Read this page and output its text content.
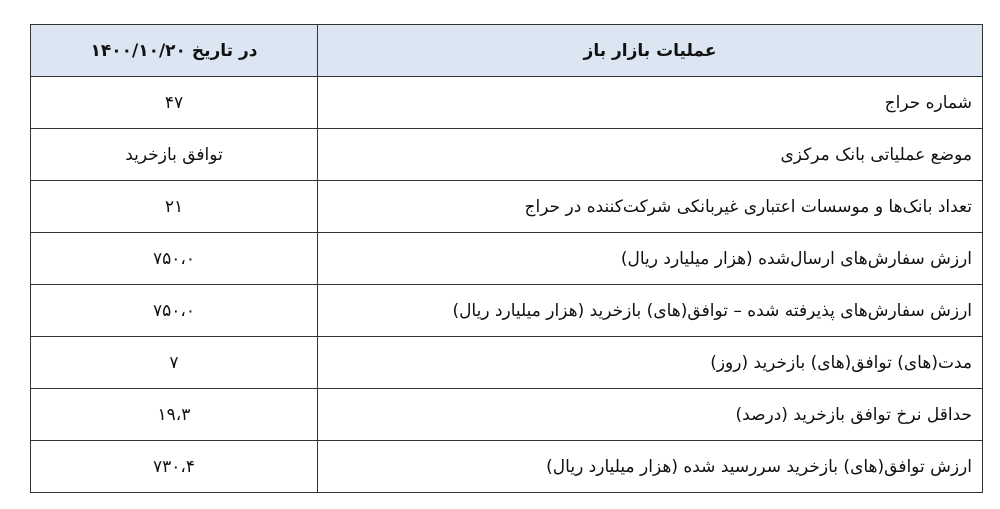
عملیات بازار باز	در تاریخ ۱۴۰۰/۱۰/۲۰
شماره حراج	۴۷
موضع عملیاتی بانک مرکزی	توافق بازخرید
تعداد بانک‌ها و موسسات اعتباری غیربانکی شرکت‌کننده در حراج	۲۱
ارزش سفارش‌های ارسال‌شده (هزار میلیارد ریال)	۷۵۰،۰
ارزش سفارش‌های پذیرفته شده – توافق(های) بازخرید (هزار میلیارد ریال)	۷۵۰،۰
مدت(های) توافق(های) بازخرید (روز)	۷
حداقل نرخ توافق بازخرید (درصد)	۱۹،۳
ارزش توافق(های) بازخرید سررسید شده (هزار میلیارد ریال)	۷۳۰،۴
